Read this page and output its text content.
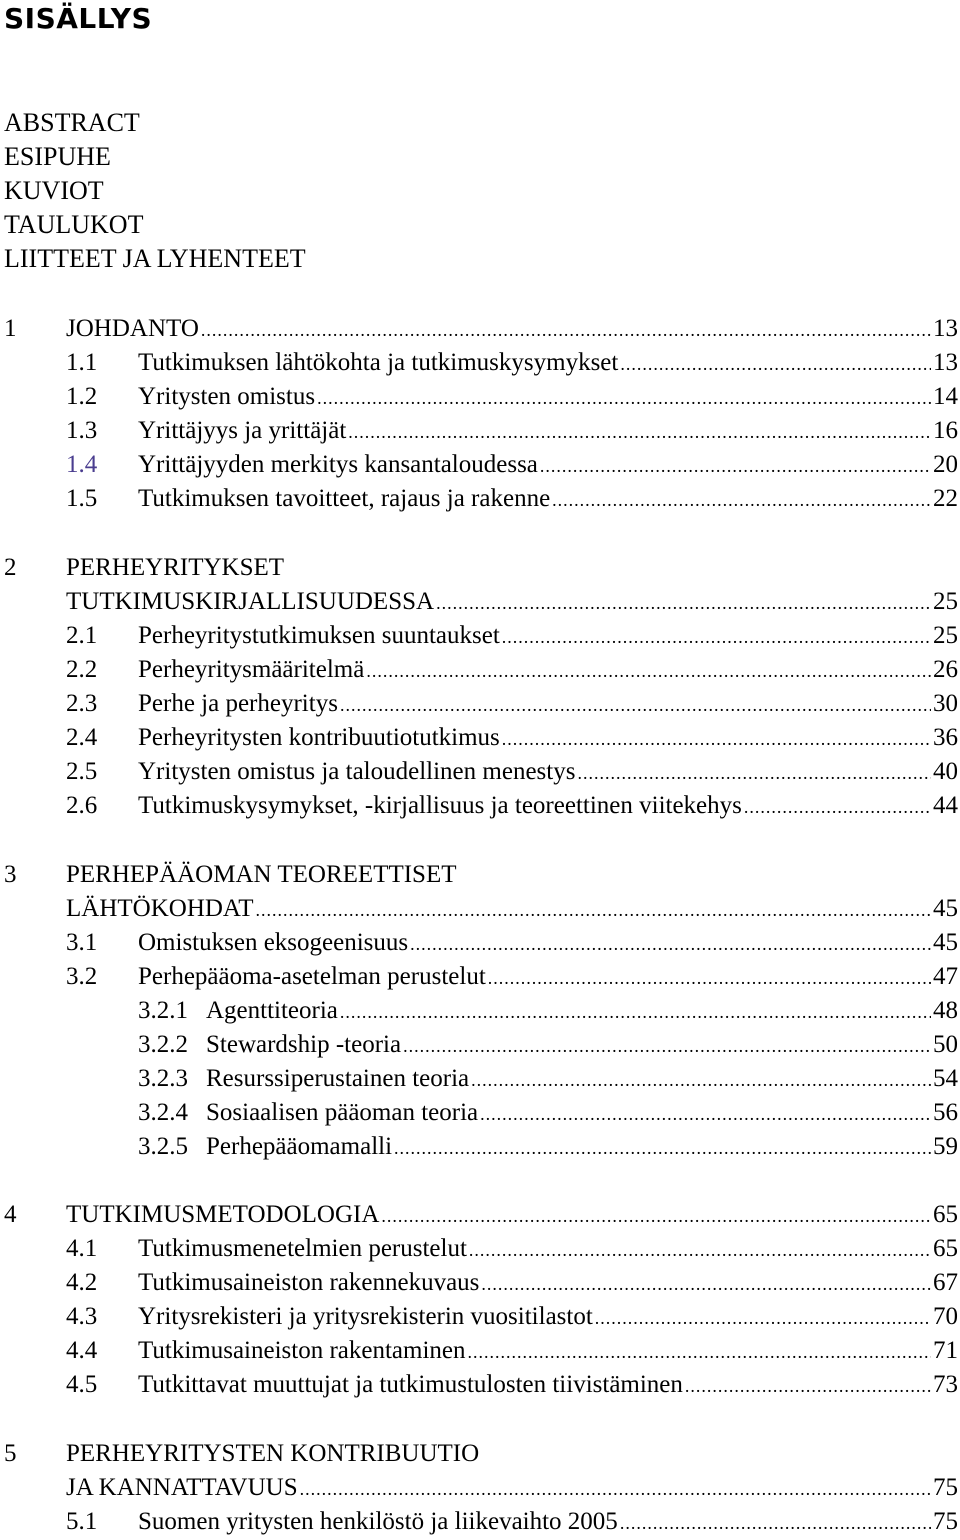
SISÄLLYS
ABSTRACT
ESIPUHE
KUVIOT
TAULUKOT
LIITTEET JA LYHENTEET
1 JOHDANTO .....	13
1.1 Tutkimuksen lähtökohta ja tutkimuskysymykset .....	13
1.2 Yritysten omistus .....	14
1.3 Yrittäjyys ja yrittäjät .....	16
1.4 Yrittäjyyden merkitys kansantaloudessa .....	20
1.5 Tutkimuksen tavoitteet, rajaus ja rakenne .....	22
2 PERHEYRITYKSET
TUTKIMUSKIRJALLISUUDESSA .....	25
2.1 Perheyritystutkimuksen suuntaukset .....	25
2.2 Perheyritysmääritelmä .....	26
2.3 Perhe ja perheyritys .....	30
2.4 Perheyritysten kontribuutiotutkimus .....	36
2.5 Yritysten omistus ja taloudellinen menestys .....	40
2.6 Tutkimuskysymykset, -kirjallisuus ja teoreettinen viitekehys .....	44
3 PERHEPÄÄOMAN TEOREETTISET
LÄHTÖKOHDAT .....	45
3.1 Omistuksen eksogeenisuus .....	45
3.2 Perhepääoma-asetelman perustelut .....	47
3.2.1 Agenttiteoria .....	48
3.2.2 Stewardship -teoria .....	50
3.2.3 Resurssiperustainen teoria .....	54
3.2.4 Sosiaalisen pääoman teoria .....	56
3.2.5 Perhepääomamalli .....	59
4 TUTKIMUSMETODOLOGIA .....	65
4.1 Tutkimusmenetelmien perustelut .....	65
4.2 Tutkimusaineiston rakennekuvaus .....	67
4.3 Yritysrekisteri ja yritysrekisterin vuositilastot .....	70
4.4 Tutkimusaineiston rakentaminen .....	71
4.5 Tutkittavat muuttujat ja tutkimustulosten tiivistäminen .....	73
5 PERHEYRITYSTEN KONTRIBUUTIO
JA KANNATTAVUUS .....	75
5.1 Suomen yritysten henkilöstö ja liikevaihto 2005 .....	75
